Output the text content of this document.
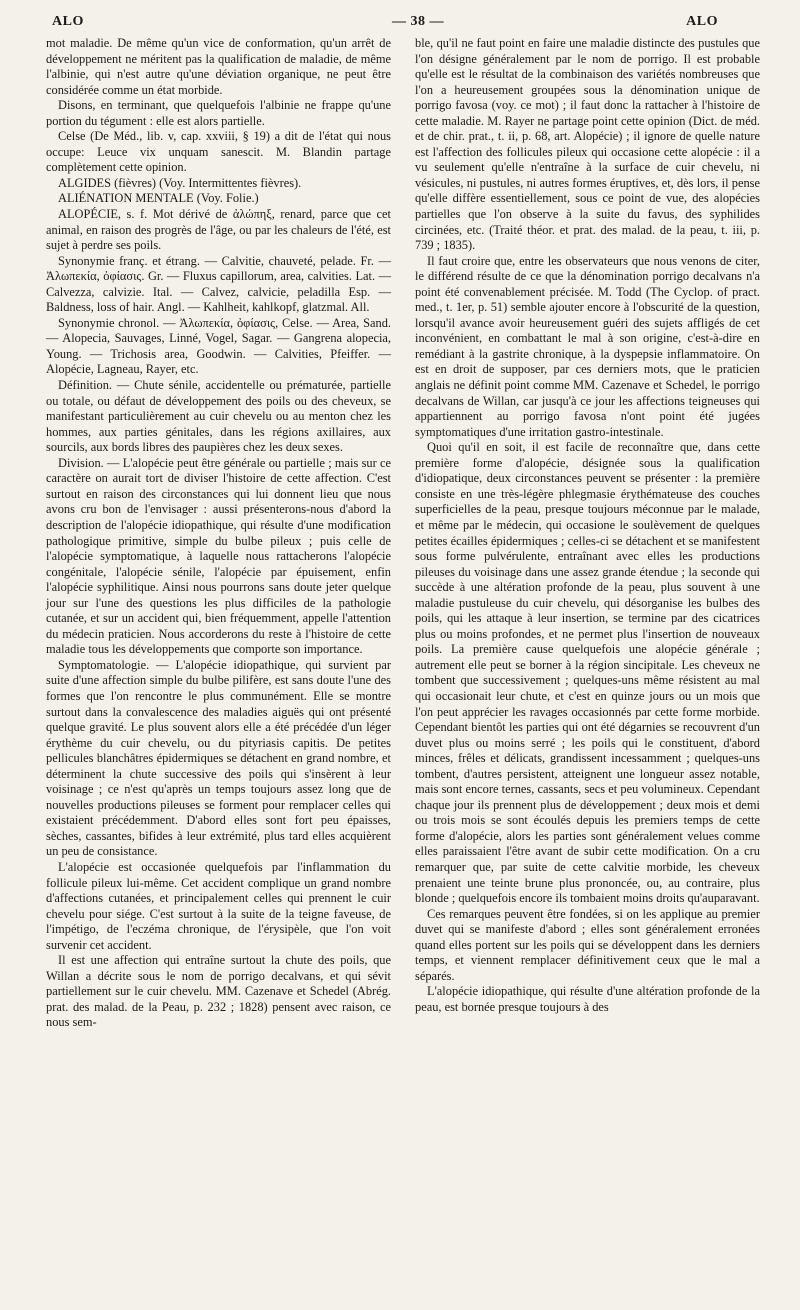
ALO	— 38 —	ALO

mot maladie. De même qu'un vice de conformation, qu'un arrêt de développement ne méritent pas la qualification de maladie, de même l'albinie, qui n'est autre qu'une déviation organique, ne peut être considérée comme un état morbide.

Disons, en terminant, que quelquefois l'albinie ne frappe qu'une portion du tégument : elle est alors partielle.

Celse (De Méd., lib. v, cap. xxviii, § 19) a dit de l'état qui nous occupe: Leuce vix unquam sanescit. M. Blandin partage complètement cette opinion.

ALGIDES (fièvres) (Voy. Intermittentes fièvres).

ALIÉNATION MENTALE (Voy. Folie.)

ALOPÉCIE, s. f. Mot dérivé de ἀλώπηξ, renard, parce que cet animal, en raison des progrès de l'âge, ou par les chaleurs de l'été, est sujet à perdre ses poils.

Synonymie franç. et étrang. — Calvitie, chauveté, pelade. Fr. — Ἀλωπεκία, ὀφίασις. Gr. — Fluxus capillorum, area, calvities. Lat. — Calvezza, calvizie. Ital. — Calvez, calvicie, peladilla Esp. — Baldness, loss of hair. Angl. — Kahlheit, kahlkopf, glatzmal. All.

Synonymie chronol. — Ἀλωπεκία, ὀφίασις, Celse. — Area, Sand. — Alopecia, Sauvages, Linné, Vogel, Sagar. — Gangrena alopecia, Young. — Trichosis area, Goodwin. — Calvities, Pfeiffer. — Alopécie, Lagneau, Rayer, etc.

Définition. — Chute sénile, accidentelle ou prématurée, partielle ou totale, ou défaut de développement des poils ou des cheveux, se manifestant particulièrement au cuir chevelu ou au menton chez les hommes, aux parties génitales, dans les régions axillaires, aux sourcils, aux bords libres des paupières chez les deux sexes.

Division. — L'alopécie peut être générale ou partielle ; mais sur ce caractère on aurait tort de diviser l'histoire de cette affection. C'est surtout en raison des circonstances qui lui donnent lieu que nous avons cru bon de l'envisager : aussi présenterons-nous d'abord la description de l'alopécie idiopathique, qui résulte d'une modification pathologique primitive, simple du bulbe pileux ; puis celle de l'alopécie symptomatique, à laquelle nous rattacherons l'alopécie congénitale, l'alopécie sénile, l'alopécie par épuisement, enfin l'alopécie syphilitique. Ainsi nous pourrons sans doute jeter quelque jour sur l'une des questions les plus difficiles de la pathologie cutanée, et sur un accident qui, bien fréquemment, appelle l'attention du médecin praticien. Nous accorderons du reste à l'histoire de cette maladie tous les développements que comporte son importance.

Symptomatologie. — L'alopécie idiopathique, qui survient par suite d'une affection simple du bulbe pilifère, est sans doute l'une des formes que l'on rencontre le plus communément. Elle se montre surtout dans la convalescence des maladies aiguës qui ont présenté quelque gravité. Le plus souvent alors elle a été précédée d'un léger érythème du cuir chevelu, ou du pityriasis capitis. De petites pellicules blanchâtres épidermiques se détachent en grand nombre, et déterminent la chute successive des poils qui s'insèrent à leur voisinage ; ce n'est qu'après un temps toujours assez long que de nouvelles productions pileuses se forment pour remplacer celles qui existaient précédemment. D'abord elles sont fort peu épaisses, sèches, cassantes, bifides à leur extrémité, plus tard elles acquièrent un peu de consistance.

L'alopécie est occasionée quelquefois par l'inflammation du follicule pileux lui-même. Cet accident complique un grand nombre d'affections cutanées, et principalement celles qui prennent le cuir chevelu pour siége. C'est surtout à la suite de la teigne faveuse, de l'impétigo, de l'eczéma chronique, de l'érysipèle, que l'on voit survenir cet accident.

Il est une affection qui entraîne surtout la chute des poils, que Willan a décrite sous le nom de porrigo decalvans, et qui sévit partiellement sur le cuir chevelu. MM. Cazenave et Schedel (Abrég. prat. des malad. de la Peau, p. 232 ; 1828) pensent avec raison, ce nous sem-

ble, qu'il ne faut point en faire une maladie distincte des pustules que l'on désigne généralement par le nom de porrigo. Il est probable qu'elle est le résultat de la combinaison des variétés nombreuses que l'on a heureusement groupées sous la dénomination unique de porrigo favosa (voy. ce mot) ; il faut donc la rattacher à l'histoire de cette maladie. M. Rayer ne partage point cette opinion (Dict. de méd. et de chir. prat., t. ii, p. 68, art. Alopécie) ; il ignore de quelle nature est l'affection des follicules pileux qui occasione cette alopécie : il a vu seulement qu'elle n'entraîne à la surface de cuir chevelu, ni vésicules, ni pustules, ni autres formes éruptives, et, dès lors, il pense qu'elle diffère essentiellement, sous ce point de vue, des alopécies partielles que l'on observe à la suite du favus, des syphilides circinées, etc. (Traité théor. et prat. des malad. de la peau, t. iii, p. 739 ; 1835).

Il faut croire que, entre les observateurs que nous venons de citer, le différend résulte de ce que la dénomination porrigo decalvans n'a point été convenablement précisée. M. Todd (The Cyclop. of pract. med., t. 1er, p. 51) semble ajouter encore à l'obscurité de la question, lorsqu'il avance avoir heureusement guéri des sujets affligés de cet inconvénient, en combattant le mal à son origine, c'est-à-dire en remédiant à la gastrite chronique, à la dyspepsie inflammatoire. On est en droit de supposer, par ces derniers mots, que le praticien anglais ne définit point comme MM. Cazenave et Schedel, le porrigo decalvans de Willan, car jusqu'à ce jour les affections teigneuses qui appartiennent au porrigo favosa n'ont point été jugées symptomatiques d'une irritation gastro-intestinale.

Quoi qu'il en soit, il est facile de reconnaître que, dans cette première forme d'alopécie, désignée sous la qualification d'idiopatique, deux circonstances peuvent se présenter : la première consiste en une très-légère phlegmasie érythémateuse des couches superficielles de la peau, presque toujours méconnue par le malade, et même par le médecin, qui occasione le soulèvement de quelques petites écailles épidermiques ; celles-ci se détachent et se manifestent sous forme pulvérulente, entraînant avec elles les productions pileuses du voisinage dans une assez grande étendue ; la seconde qui succède à une altération profonde de la peau, plus souvent à une maladie pustuleuse du cuir chevelu, qui désorganise les bulbes des poils, qui les attaque à leur insertion, se termine par des cicatrices plus ou moins profondes, et ne permet plus l'insertion de nouveaux poils. La première cause quelquefois une alopécie générale ; autrement elle peut se borner à la région sincipitale. Les cheveux ne tombent que successivement ; quelques-uns même résistent au mal qui occasionait leur chute, et c'est en quinze jours ou un mois que l'on peut apprécier les ravages occasionnés par cette forme morbide. Cependant bientôt les parties qui ont été dégarnies se recouvrent d'un duvet plus ou moins serré ; les poils qui le constituent, d'abord minces, frêles et délicats, grandissent incessamment ; quelques-uns tombent, d'autres persistent, atteignent une longueur assez notable, mais sont encore ternes, cassants, secs et peu volumineux. Cependant chaque jour ils prennent plus de développement ; deux mois et demi ou trois mois se sont écoulés depuis les premiers temps de cette forme d'alopécie, alors les parties sont généralement velues comme elles paraissaient l'être avant de subir cette modification. On a cru remarquer que, par suite de cette calvitie morbide, les cheveux prenaient une teinte brune plus prononcée, ou, au contraire, plus blonde ; quelquefois encore ils tombaient moins droits qu'auparavant.

Ces remarques peuvent être fondées, si on les applique au premier duvet qui se manifeste d'abord ; elles sont généralement erronées quand elles portent sur les poils qui se développent dans les derniers temps, et viennent remplacer définitivement ceux que le mal a séparés.

L'alopécie idiopathique, qui résulte d'une altération profonde de la peau, est bornée presque toujours à des
